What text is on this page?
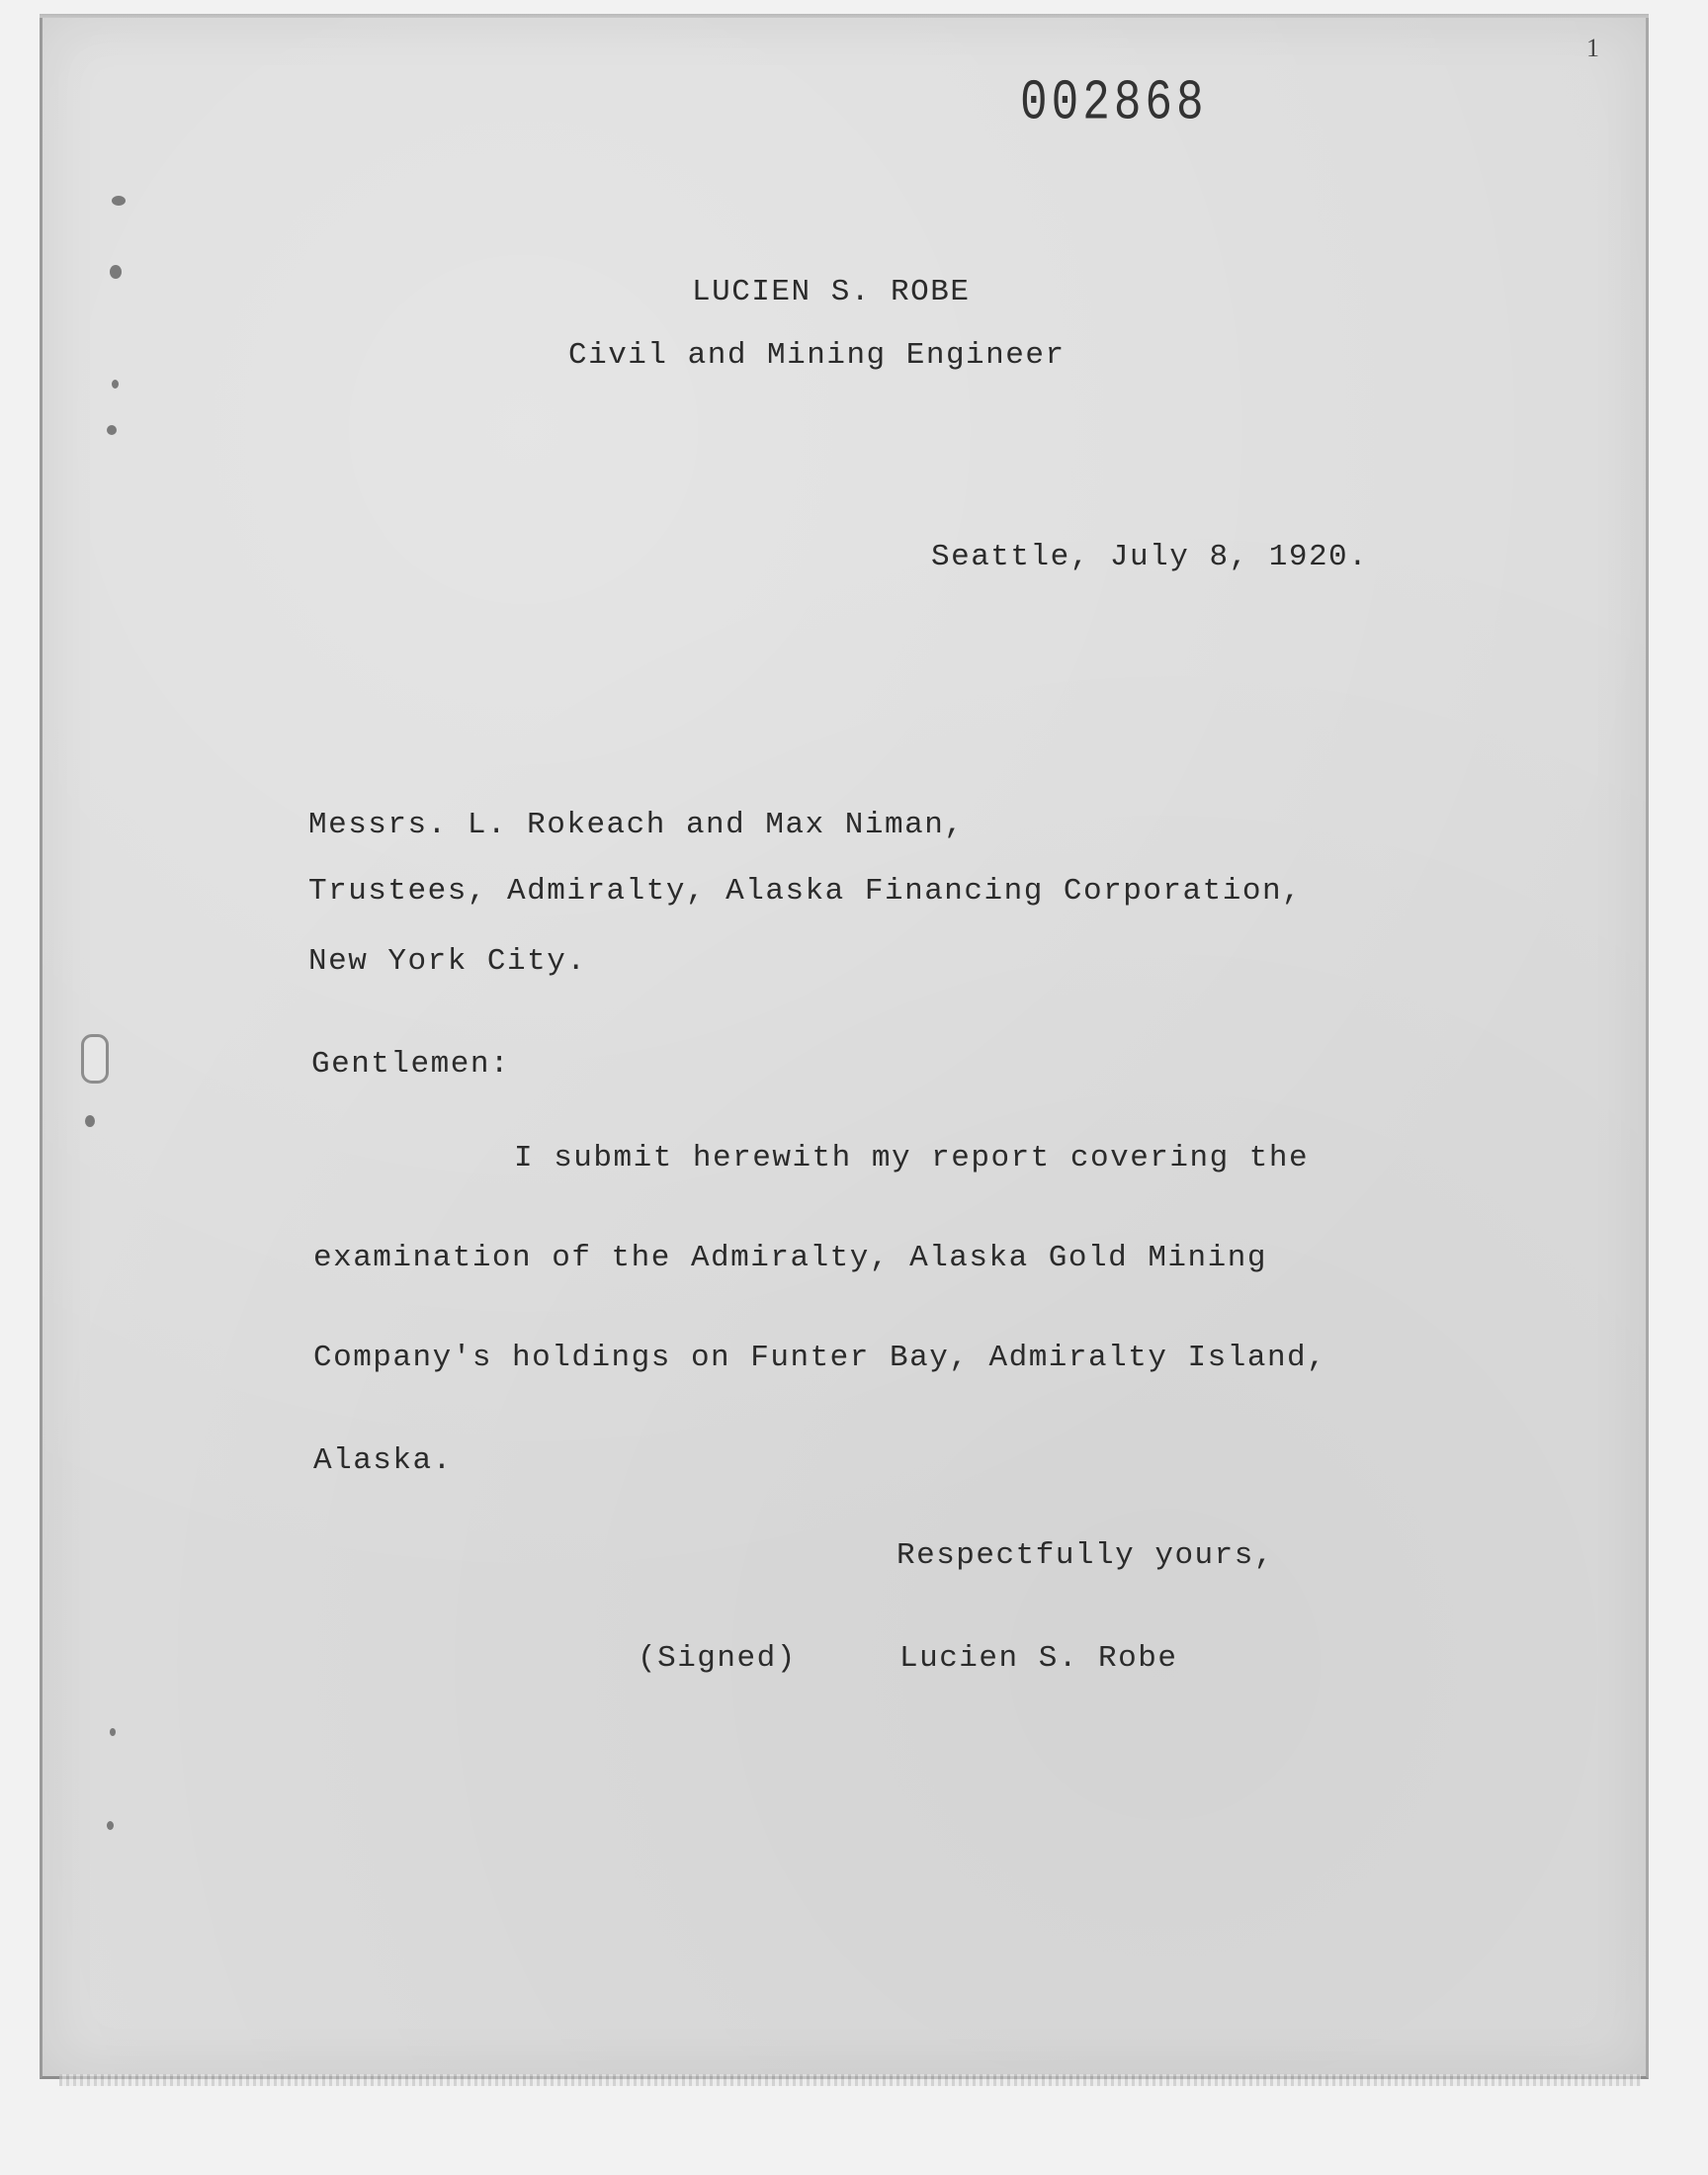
002868
1
LUCIEN S. ROBE
Civil and Mining Engineer
Seattle, July 8, 1920.
Messrs. L. Rokeach and Max Niman,
Trustees, Admiralty, Alaska Financing Corporation,
New York City.
Gentlemen:
I submit herewith my report covering the
examination of the Admiralty, Alaska Gold Mining
Company's holdings on Funter Bay, Admiralty Island,
Alaska.
Respectfully yours,
(Signed)	Lucien S. Robe
